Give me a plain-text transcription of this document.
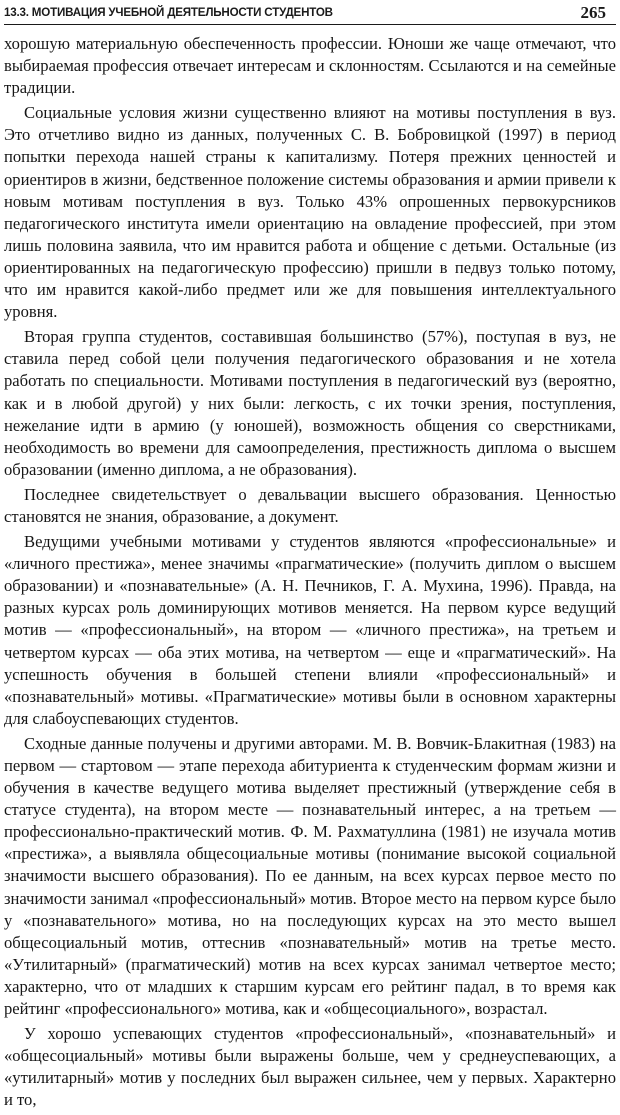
13.3. МОТИВАЦИЯ УЧЕБНОЙ ДЕЯТЕЛЬНОСТИ СТУДЕНТОВ	265

хорошую материальную обеспеченность профессии. Юноши же чаще отмечают, что выбираемая профессия отвечает интересам и склонностям. Ссылаются и на семейные традиции.

Социальные условия жизни существенно влияют на мотивы поступления в вуз. Это отчетливо видно из данных, полученных С. В. Бобровицкой (1997) в период попытки перехода нашей страны к капитализму. Потеря прежних ценностей и ориентиров в жизни, бедственное положение системы образования и армии привели к новым мотивам поступления в вуз. Только 43% опрошенных первокурсников педагогического института имели ориентацию на овладение профессией, при этом лишь половина заявила, что им нравится работа и общение с детьми. Остальные (из ориентированных на педагогическую профессию) пришли в педвуз только потому, что им нравится какой-либо предмет или же для повышения интеллектуального уровня.

Вторая группа студентов, составившая большинство (57%), поступая в вуз, не ставила перед собой цели получения педагогического образования и не хотела работать по специальности. Мотивами поступления в педагогический вуз (вероятно, как и в любой другой) у них были: легкость, с их точки зрения, поступления, нежелание идти в армию (у юношей), возможность общения со сверстниками, необходимость во времени для самоопределения, престижность диплома о высшем образовании (именно диплома, а не образования).

Последнее свидетельствует о девальвации высшего образования. Ценностью становятся не знания, образование, а документ.

Ведущими учебными мотивами у студентов являются «профессиональные» и «личного престижа», менее значимы «прагматические» (получить диплом о высшем образовании) и «познавательные» (А. Н. Печников, Г. А. Мухина, 1996). Правда, на разных курсах роль доминирующих мотивов меняется. На первом курсе ведущий мотив — «профессиональный», на втором — «личного престижа», на третьем и четвертом курсах — оба этих мотива, на четвертом — еще и «прагматический». На успешность обучения в большей степени влияли «профессиональный» и «познавательный» мотивы. «Прагматические» мотивы были в основном характерны для слабоуспевающих студентов.

Сходные данные получены и другими авторами. М. В. Вовчик-Блакитная (1983) на первом — стартовом — этапе перехода абитуриента к студенческим формам жизни и обучения в качестве ведущего мотива выделяет престижный (утверждение себя в статусе студента), на втором месте — познавательный интерес, а на третьем — профессионально-практический мотив. Ф. М. Рахматуллина (1981) не изучала мотив «престижа», а выявляла общесоциальные мотивы (понимание высокой социальной значимости высшего образования). По ее данным, на всех курсах первое место по значимости занимал «профессиональный» мотив. Второе место на первом курсе было у «познавательного» мотива, но на последующих курсах на это место вышел общесоциальный мотив, оттеснив «познавательный» мотив на третье место. «Утилитарный» (прагматический) мотив на всех курсах занимал четвертое место; характерно, что от младших к старшим курсам его рейтинг падал, в то время как рейтинг «профессионального» мотива, как и «общесоциального», возрастал.

У хорошо успевающих студентов «профессиональный», «познавательный» и «общесоциальный» мотивы были выражены больше, чем у среднеуспевающих, а «утилитарный» мотив у последних был выражен сильнее, чем у первых. Характерно и то,
